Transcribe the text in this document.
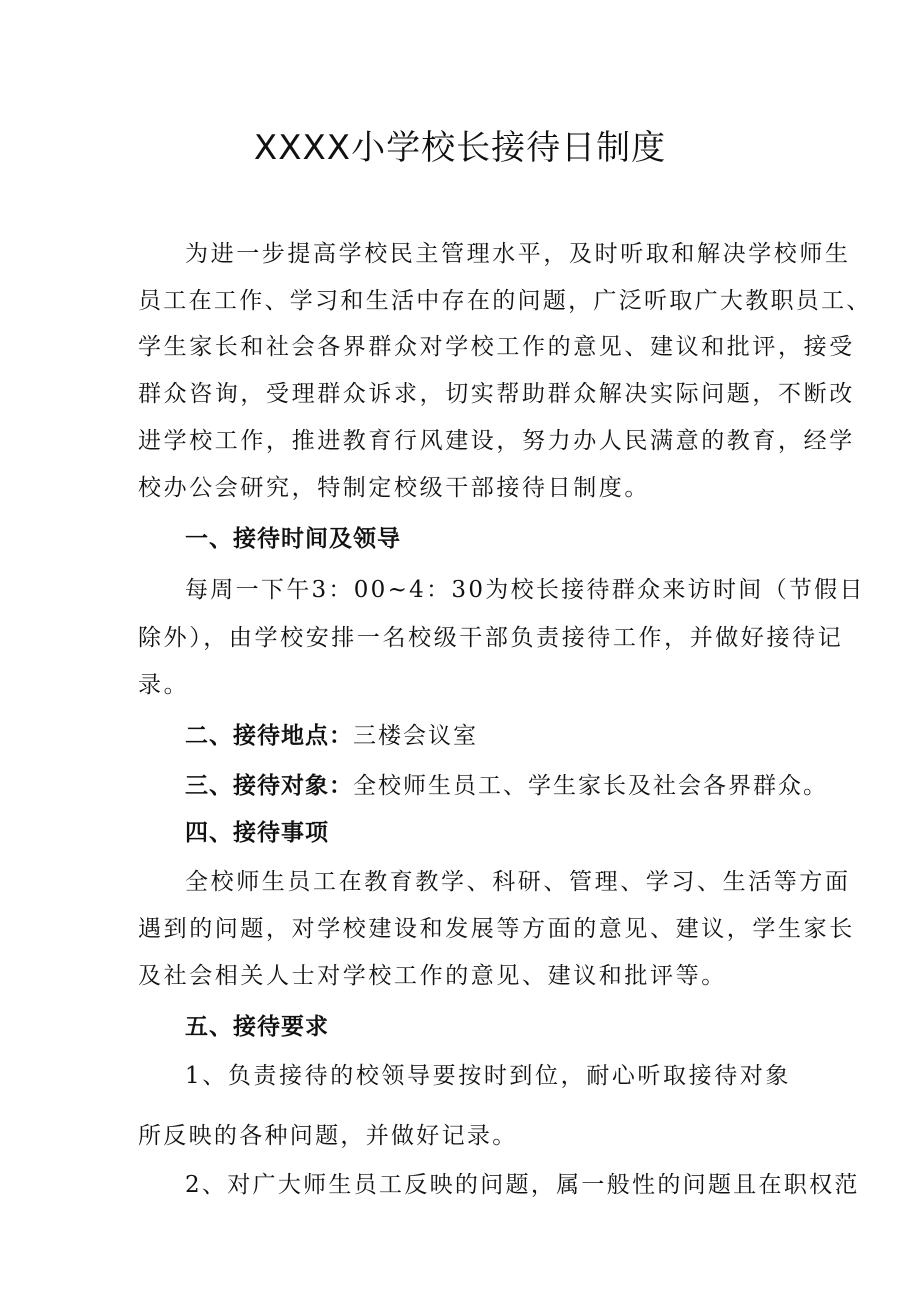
XXXX小学校长接待日制度

为进一步提高学校民主管理水平，及时听取和解决学校师生

员工在工作、学习和生活中存在的问题，广泛听取广大教职员工、

学生家长和社会各界群众对学校工作的意见、建议和批评，接受

群众咨询，受理群众诉求，切实帮助群众解决实际问题，不断改

进学校工作，推进教育行风建设，努力办人民满意的教育，经学

校办公会研究，特制定校级干部接待日制度。

一、接待时间及领导

每周一下午3：00~4：30为校长接待群众来访时间（节假日

除外），由学校安排一名校级干部负责接待工作，并做好接待记

录。

二、接待地点：三楼会议室

三、接待对象：全校师生员工、学生家长及社会各界群众。

四、接待事项

全校师生员工在教育教学、科研、管理、学习、生活等方面

遇到的问题，对学校建设和发展等方面的意见、建议，学生家长

及社会相关人士对学校工作的意见、建议和批评等。

五、接待要求

1、负责接待的校领导要按时到位，耐心听取接待对象

所反映的各种问题，并做好记录。

2、对广大师生员工反映的问题，属一般性的问题且在职权范
